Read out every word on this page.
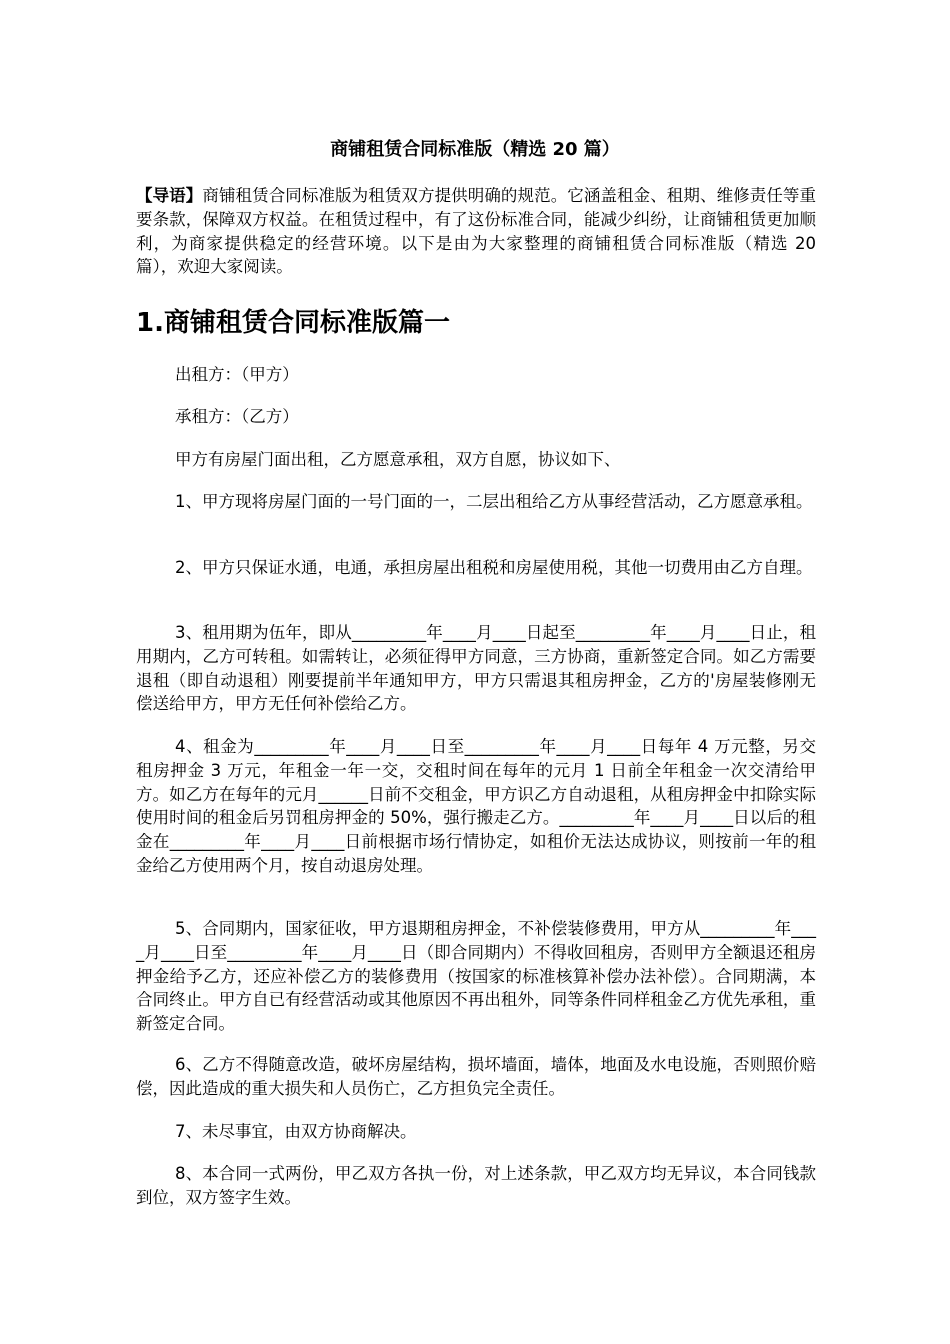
商铺租赁合同标准版（精选 20 篇）

【导语】商铺租赁合同标准版为租赁双方提供明确的规范。它涵盖租金、租期、维修责任等重要条款，保障双方权益。在租赁过程中，有了这份标准合同，能减少纠纷，让商铺租赁更加顺利，为商家提供稳定的经营环境。以下是由为大家整理的商铺租赁合同标准版（精选 20 篇），欢迎大家阅读。

1.商铺租赁合同标准版篇一

出租方：（甲方）

承租方：（乙方）

甲方有房屋门面出租，乙方愿意承租，双方自愿，协议如下、

1、甲方现将房屋门面的一号门面的一，二层出租给乙方从事经营活动，乙方愿意承租。

2、甲方只保证水通，电通，承担房屋出租税和房屋使用税，其他一切费用由乙方自理。

3、租用期为伍年，即从_________年____月____日起至_________年____月____日止，租用期内，乙方可转租。如需转让，必须征得甲方同意，三方协商，重新签定合同。如乙方需要退租（即自动退租）刚要提前半年通知甲方，甲方只需退其租房押金，乙方的'房屋装修刚无偿送给甲方，甲方无任何补偿给乙方。

4、租金为_________年____月____日至_________年____月____日每年 4 万元整，另交租房押金 3 万元，年租金一年一交，交租时间在每年的元月 1 日前全年租金一次交清给甲方。如乙方在每年的元月______日前不交租金，甲方识乙方自动退租，从租房押金中扣除实际使用时间的租金后另罚租房押金的 50%，强行搬走乙方。_________年____月____日以后的租金在_________年____月____日前根据市场行情协定，如租价无法达成协议，则按前一年的租金给乙方使用两个月，按自动退房处理。

5、合同期内，国家征收，甲方退期租房押金，不补偿装修费用，甲方从_________年____月____日至_________年____月____日（即合同期内）不得收回租房，否则甲方全额退还租房押金给予乙方，还应补偿乙方的装修费用（按国家的标准核算补偿办法补偿）。合同期满，本合同终止。甲方自已有经营活动或其他原因不再出租外，同等条件同样租金乙方优先承租，重新签定合同。

6、乙方不得随意改造，破坏房屋结构，损坏墙面，墙体，地面及水电设施，否则照价赔偿，因此造成的重大损失和人员伤亡，乙方担负完全责任。

7、未尽事宜，由双方协商解决。

8、本合同一式两份，甲乙双方各执一份，对上述条款，甲乙双方均无异议，本合同钱款到位，双方签字生效。
